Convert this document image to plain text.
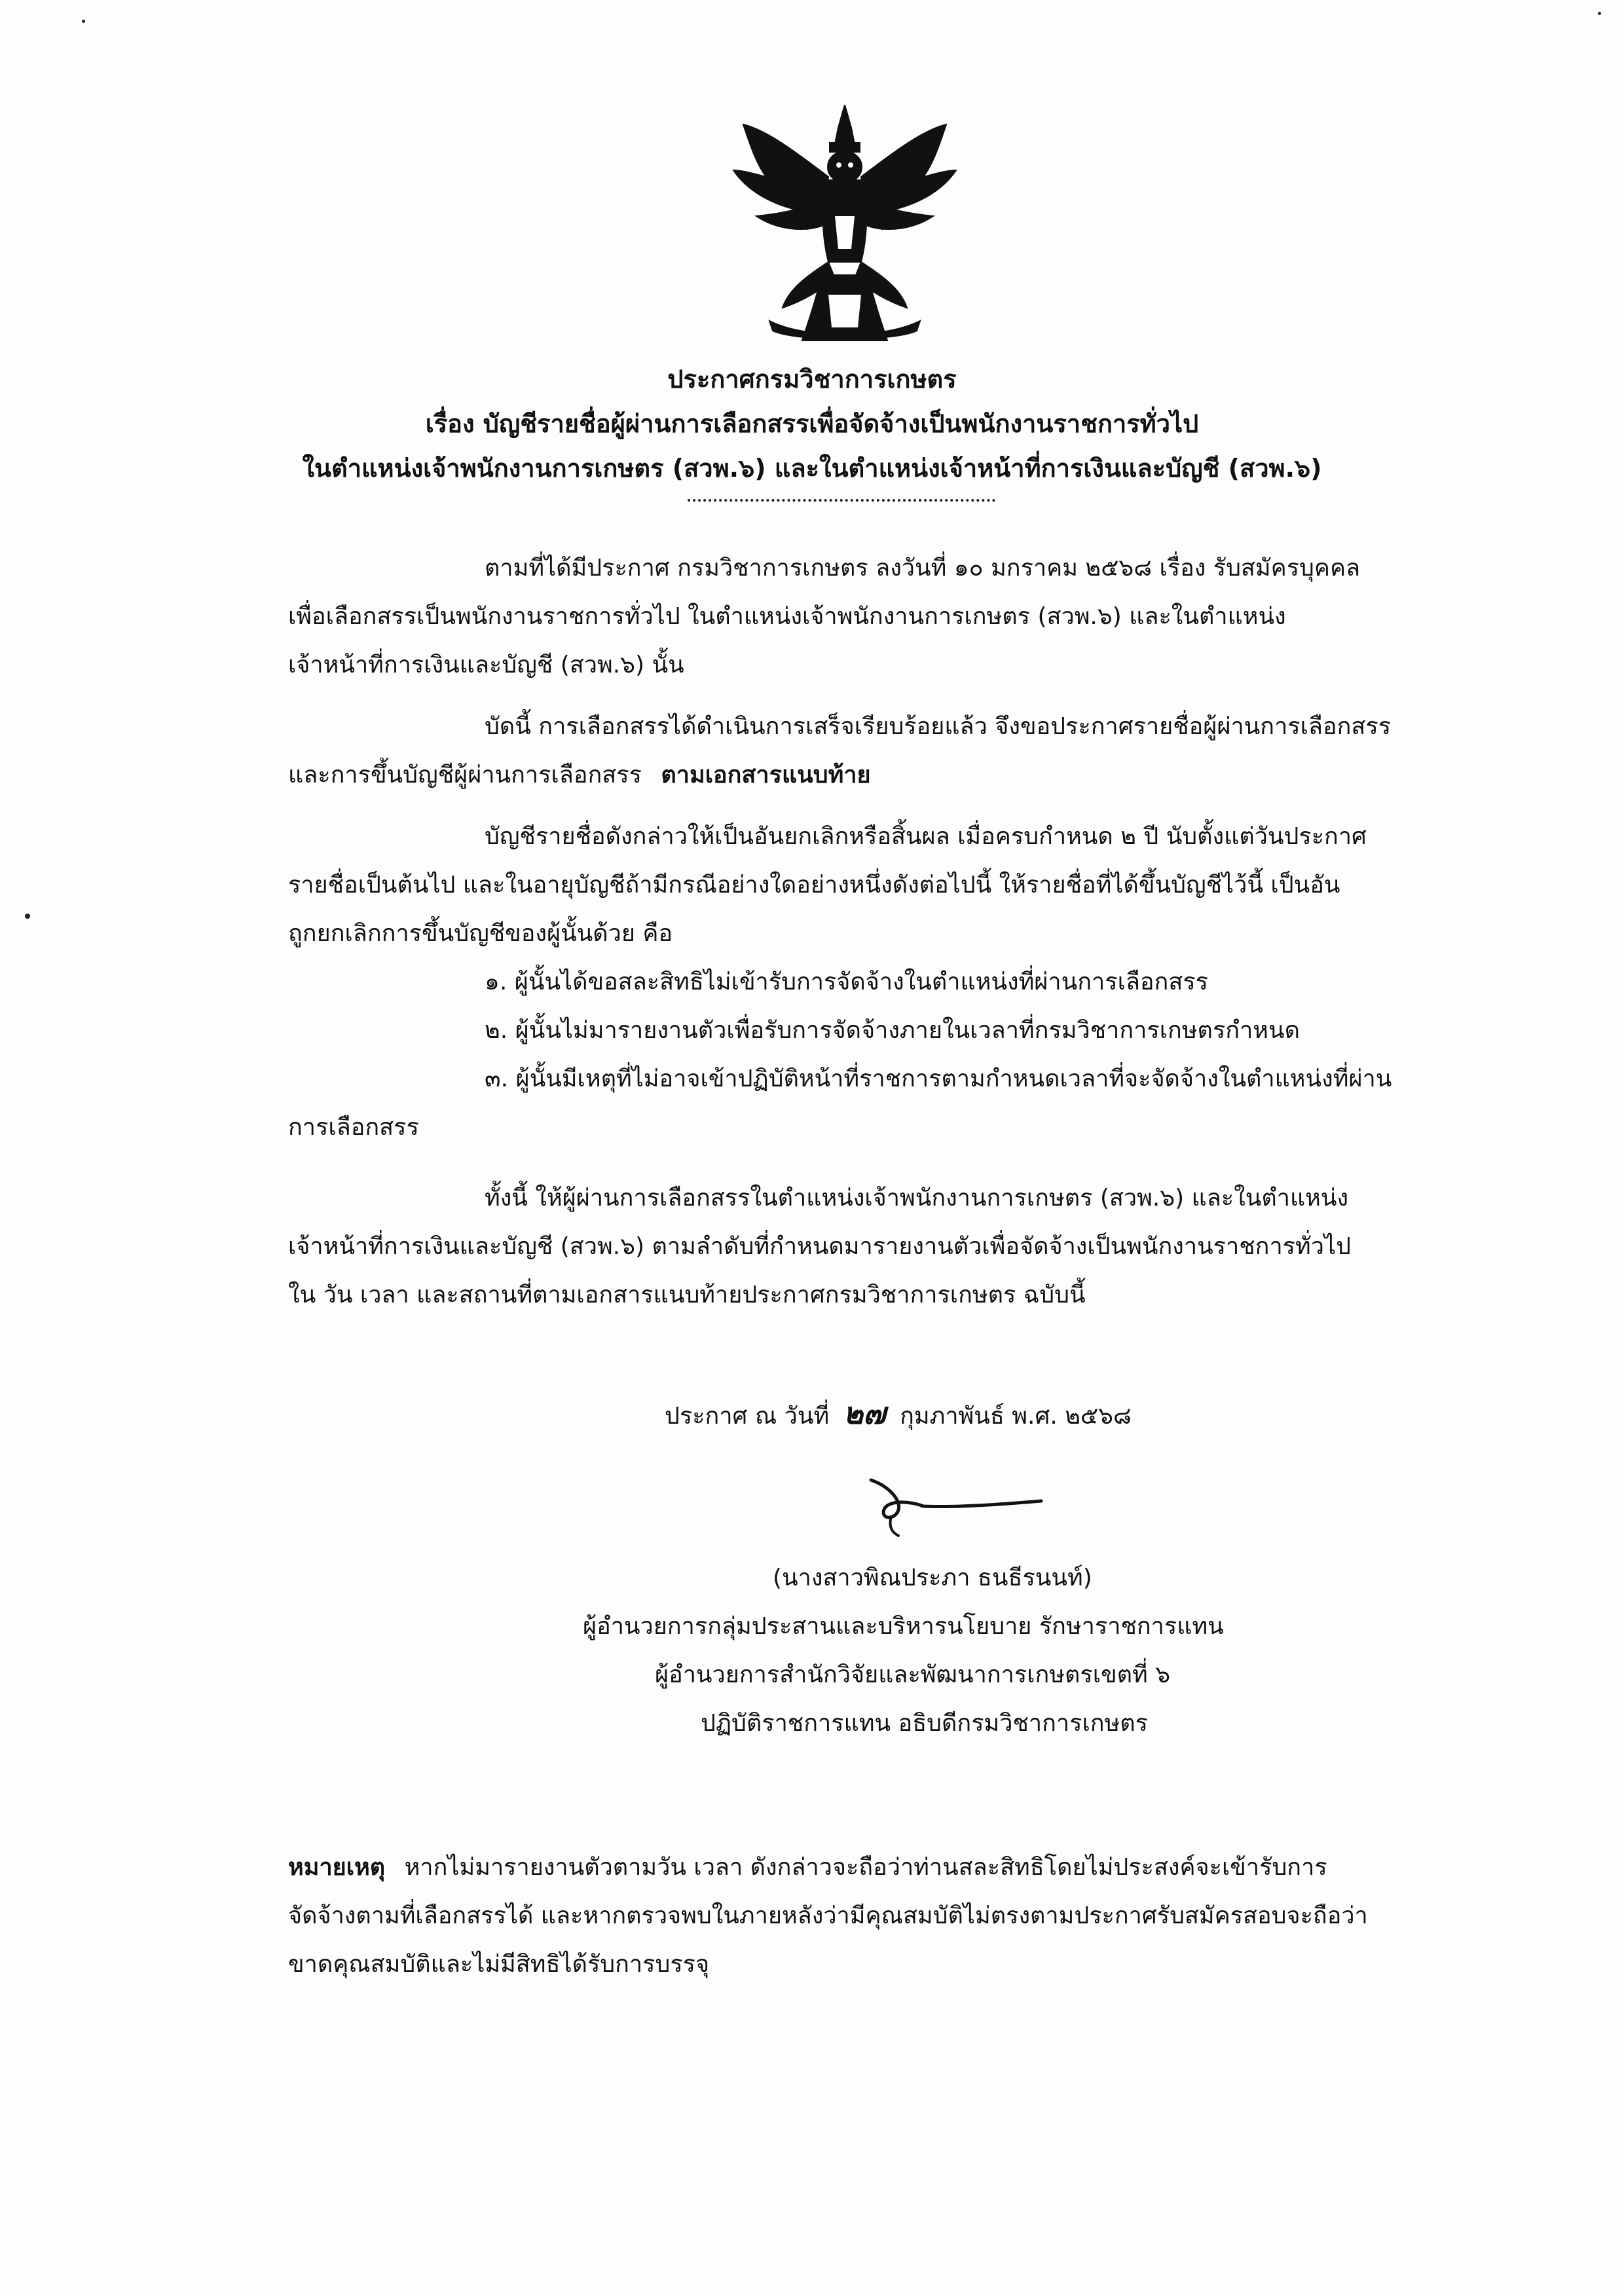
ประกาศกรมวิชาการเกษตร
เรื่อง บัญชีรายชื่อผู้ผ่านการเลือกสรรเพื่อจัดจ้างเป็นพนักงานราชการทั่วไป
ในตำแหน่งเจ้าพนักงานการเกษตร (สวพ.๖) และในตำแหน่งเจ้าหน้าที่การเงินและบัญชี (สวพ.๖)
ตามที่ได้มีประกาศ กรมวิชาการเกษตร ลงวันที่ ๑๐ มกราคม ๒๕๖๘ เรื่อง รับสมัครบุคคล
เพื่อเลือกสรรเป็นพนักงานราชการทั่วไป ในตำแหน่งเจ้าพนักงานการเกษตร (สวพ.๖) และในตำแหน่ง
เจ้าหน้าที่การเงินและบัญชี (สวพ.๖) นั้น
บัดนี้ การเลือกสรรได้ดำเนินการเสร็จเรียบร้อยแล้ว จึงขอประกาศรายชื่อผู้ผ่านการเลือกสรร
และการขึ้นบัญชีผู้ผ่านการเลือกสรร ตามเอกสารแนบท้าย
บัญชีรายชื่อดังกล่าวให้เป็นอันยกเลิกหรือสิ้นผล เมื่อครบกำหนด ๒ ปี นับตั้งแต่วันประกาศ
รายชื่อเป็นต้นไป และในอายุบัญชีถ้ามีกรณีอย่างใดอย่างหนึ่งดังต่อไปนี้ ให้รายชื่อที่ได้ขึ้นบัญชีไว้นี้ เป็นอัน
ถูกยกเลิกการขึ้นบัญชีของผู้นั้นด้วย คือ
๑. ผู้นั้นได้ขอสละสิทธิไม่เข้ารับการจัดจ้างในตำแหน่งที่ผ่านการเลือกสรร
๒. ผู้นั้นไม่มารายงานตัวเพื่อรับการจัดจ้างภายในเวลาที่กรมวิชาการเกษตรกำหนด
๓. ผู้นั้นมีเหตุที่ไม่อาจเข้าปฏิบัติหน้าที่ราชการตามกำหนดเวลาที่จะจัดจ้างในตำแหน่งที่ผ่าน
การเลือกสรร
ทั้งนี้ ให้ผู้ผ่านการเลือกสรรในตำแหน่งเจ้าพนักงานการเกษตร (สวพ.๖) และในตำแหน่ง
เจ้าหน้าที่การเงินและบัญชี (สวพ.๖) ตามลำดับที่กำหนดมารายงานตัวเพื่อจัดจ้างเป็นพนักงานราชการทั่วไป
ใน วัน เวลา และสถานที่ตามเอกสารแนบท้ายประกาศกรมวิชาการเกษตร ฉบับนี้
ประกาศ ณ วันที่ ๒๗ กุมภาพันธ์ พ.ศ. ๒๕๖๘
(นางสาวพิณประภา ธนธีรนนท์)
ผู้อำนวยการกลุ่มประสานและบริหารนโยบาย รักษาราชการแทน
ผู้อำนวยการสำนักวิจัยและพัฒนาการเกษตรเขตที่ ๖
ปฏิบัติราชการแทน อธิบดีกรมวิชาการเกษตร
หมายเหตุ หากไม่มารายงานตัวตามวัน เวลา ดังกล่าวจะถือว่าท่านสละสิทธิโดยไม่ประสงค์จะเข้ารับการ
จัดจ้างตามที่เลือกสรรได้ และหากตรวจพบในภายหลังว่ามีคุณสมบัติไม่ตรงตามประกาศรับสมัครสอบจะถือว่า
ขาดคุณสมบัติและไม่มีสิทธิได้รับการบรรจุ
